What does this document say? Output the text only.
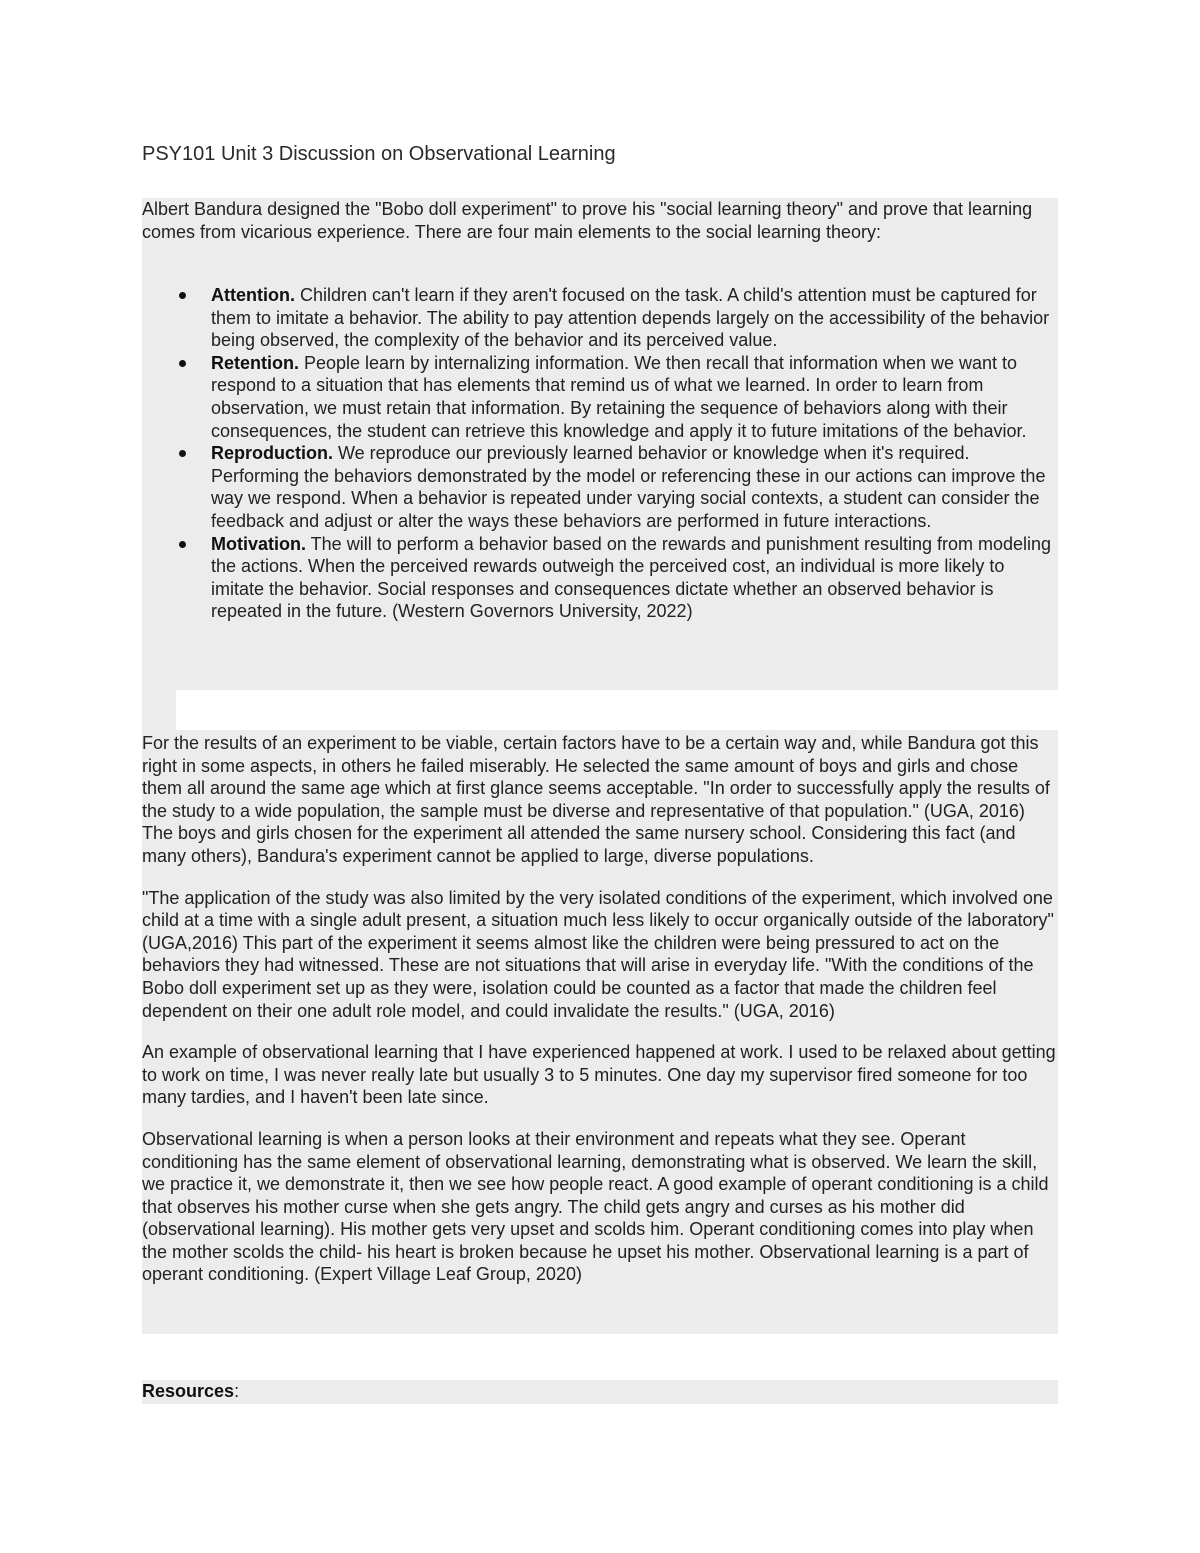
PSY101 Unit 3 Discussion on Observational Learning

Albert Bandura designed the "Bobo doll experiment" to prove his "social learning theory" and prove that learning comes from vicarious experience. There are four main elements to the social learning theory:

Attention. Children can't learn if they aren't focused on the task. A child's attention must be captured for them to imitate a behavior. The ability to pay attention depends largely on the accessibility of the behavior being observed, the complexity of the behavior and its perceived value.
Retention. People learn by internalizing information. We then recall that information when we want to respond to a situation that has elements that remind us of what we learned. In order to learn from observation, we must retain that information. By retaining the sequence of behaviors along with their consequences, the student can retrieve this knowledge and apply it to future imitations of the behavior.
Reproduction. We reproduce our previously learned behavior or knowledge when it's required. Performing the behaviors demonstrated by the model or referencing these in our actions can improve the way we respond. When a behavior is repeated under varying social contexts, a student can consider the feedback and adjust or alter the ways these behaviors are performed in future interactions.
Motivation. The will to perform a behavior based on the rewards and punishment resulting from modeling the actions. When the perceived rewards outweigh the perceived cost, an individual is more likely to imitate the behavior. Social responses and consequences dictate whether an observed behavior is repeated in the future. (Western Governors University, 2022)

For the results of an experiment to be viable, certain factors have to be a certain way and, while Bandura got this right in some aspects, in others he failed miserably. He selected the same amount of boys and girls and chose them all around the same age which at first glance seems acceptable. "In order to successfully apply the results of the study to a wide population, the sample must be diverse and representative of that population." (UGA, 2016) The boys and girls chosen for the experiment all attended the same nursery school. Considering this fact (and many others), Bandura's experiment cannot be applied to large, diverse populations.

"The application of the study was also limited by the very isolated conditions of the experiment, which involved one child at a time with a single adult present, a situation much less likely to occur organically outside of the laboratory" (UGA,2016) This part of the experiment it seems almost like the children were being pressured to act on the behaviors they had witnessed. These are not situations that will arise in everyday life. "With the conditions of the Bobo doll experiment set up as they were, isolation could be counted as a factor that made the children feel dependent on their one adult role model, and could invalidate the results." (UGA, 2016)

An example of observational learning that I have experienced happened at work. I used to be relaxed about getting to work on time, I was never really late but usually 3 to 5 minutes. One day my supervisor fired someone for too many tardies, and I haven't been late since.

Observational learning is when a person looks at their environment and repeats what they see. Operant conditioning has the same element of observational learning, demonstrating what is observed. We learn the skill, we practice it, we demonstrate it, then we see how people react. A good example of operant conditioning is a child that observes his mother curse when she gets angry. The child gets angry and curses as his mother did (observational learning). His mother gets very upset and scolds him. Operant conditioning comes into play when the mother scolds the child- his heart is broken because he upset his mother. Observational learning is a part of operant conditioning. (Expert Village Leaf Group, 2020)

Resources:
